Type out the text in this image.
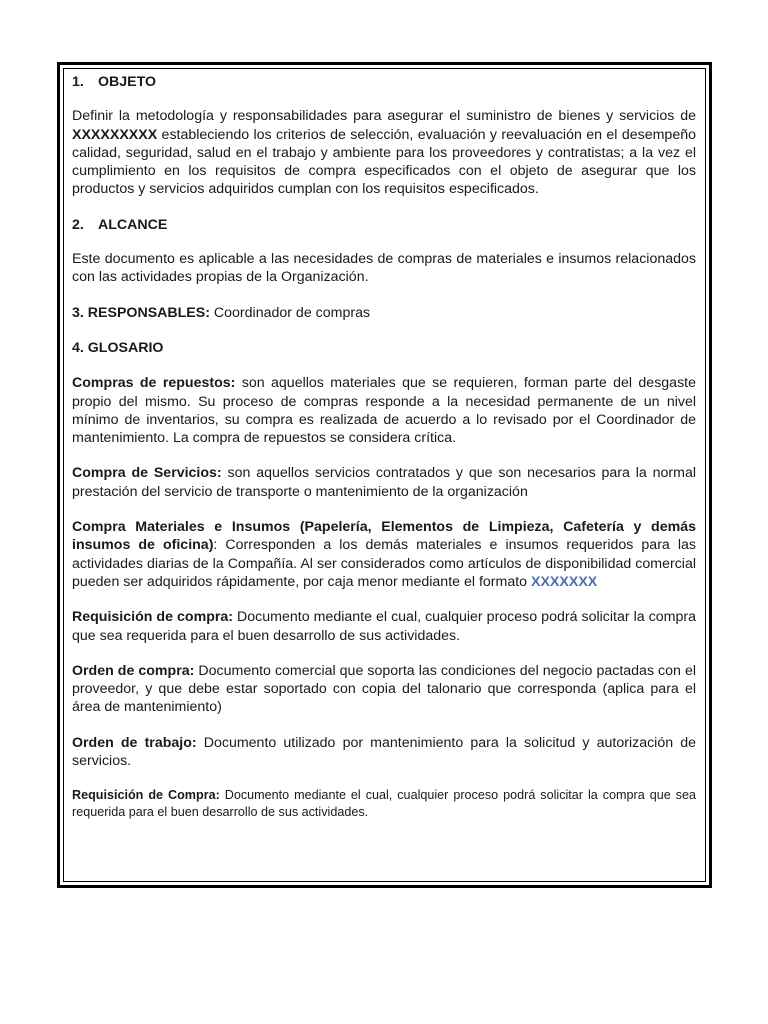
1. OBJETO

Definir la metodología y responsabilidades para asegurar el suministro de bienes y servicios de XXXXXXXXX estableciendo los criterios de selección, evaluación y reevaluación en el desempeño calidad, seguridad, salud en el trabajo y ambiente para los proveedores y contratistas; a la vez el cumplimiento en los requisitos de compra especificados con el objeto de asegurar que los productos y servicios adquiridos cumplan con los requisitos especificados.

2. ALCANCE

Este documento es aplicable a las necesidades de compras de materiales e insumos relacionados con las actividades propias de la Organización.

3. RESPONSABLES: Coordinador de compras

4. GLOSARIO

Compras de repuestos: son aquellos materiales que se requieren, forman parte del desgaste propio del mismo. Su proceso de compras responde a la necesidad permanente de un nivel mínimo de inventarios, su compra es realizada de acuerdo a lo revisado por el Coordinador de mantenimiento. La compra de repuestos se considera crítica.

Compra de Servicios: son aquellos servicios contratados y que son necesarios para la normal prestación del servicio de transporte o mantenimiento de la organización

Compra Materiales e Insumos (Papelería, Elementos de Limpieza, Cafetería y demás insumos de oficina): Corresponden a los demás materiales e insumos requeridos para las actividades diarias de la Compañía. Al ser considerados como artículos de disponibilidad comercial pueden ser adquiridos rápidamente, por caja menor mediante el formato XXXXXXX

Requisición de compra: Documento mediante el cual, cualquier proceso podrá solicitar la compra que sea requerida para el buen desarrollo de sus actividades.

Orden de compra: Documento comercial que soporta las condiciones del negocio pactadas con el proveedor, y que debe estar soportado con copia del talonario que corresponda (aplica para el área de mantenimiento)

Orden de trabajo: Documento utilizado por mantenimiento para la solicitud y autorización de servicios.

Requisición de Compra: Documento mediante el cual, cualquier proceso podrá solicitar la compra que sea requerida para el buen desarrollo de sus actividades.
